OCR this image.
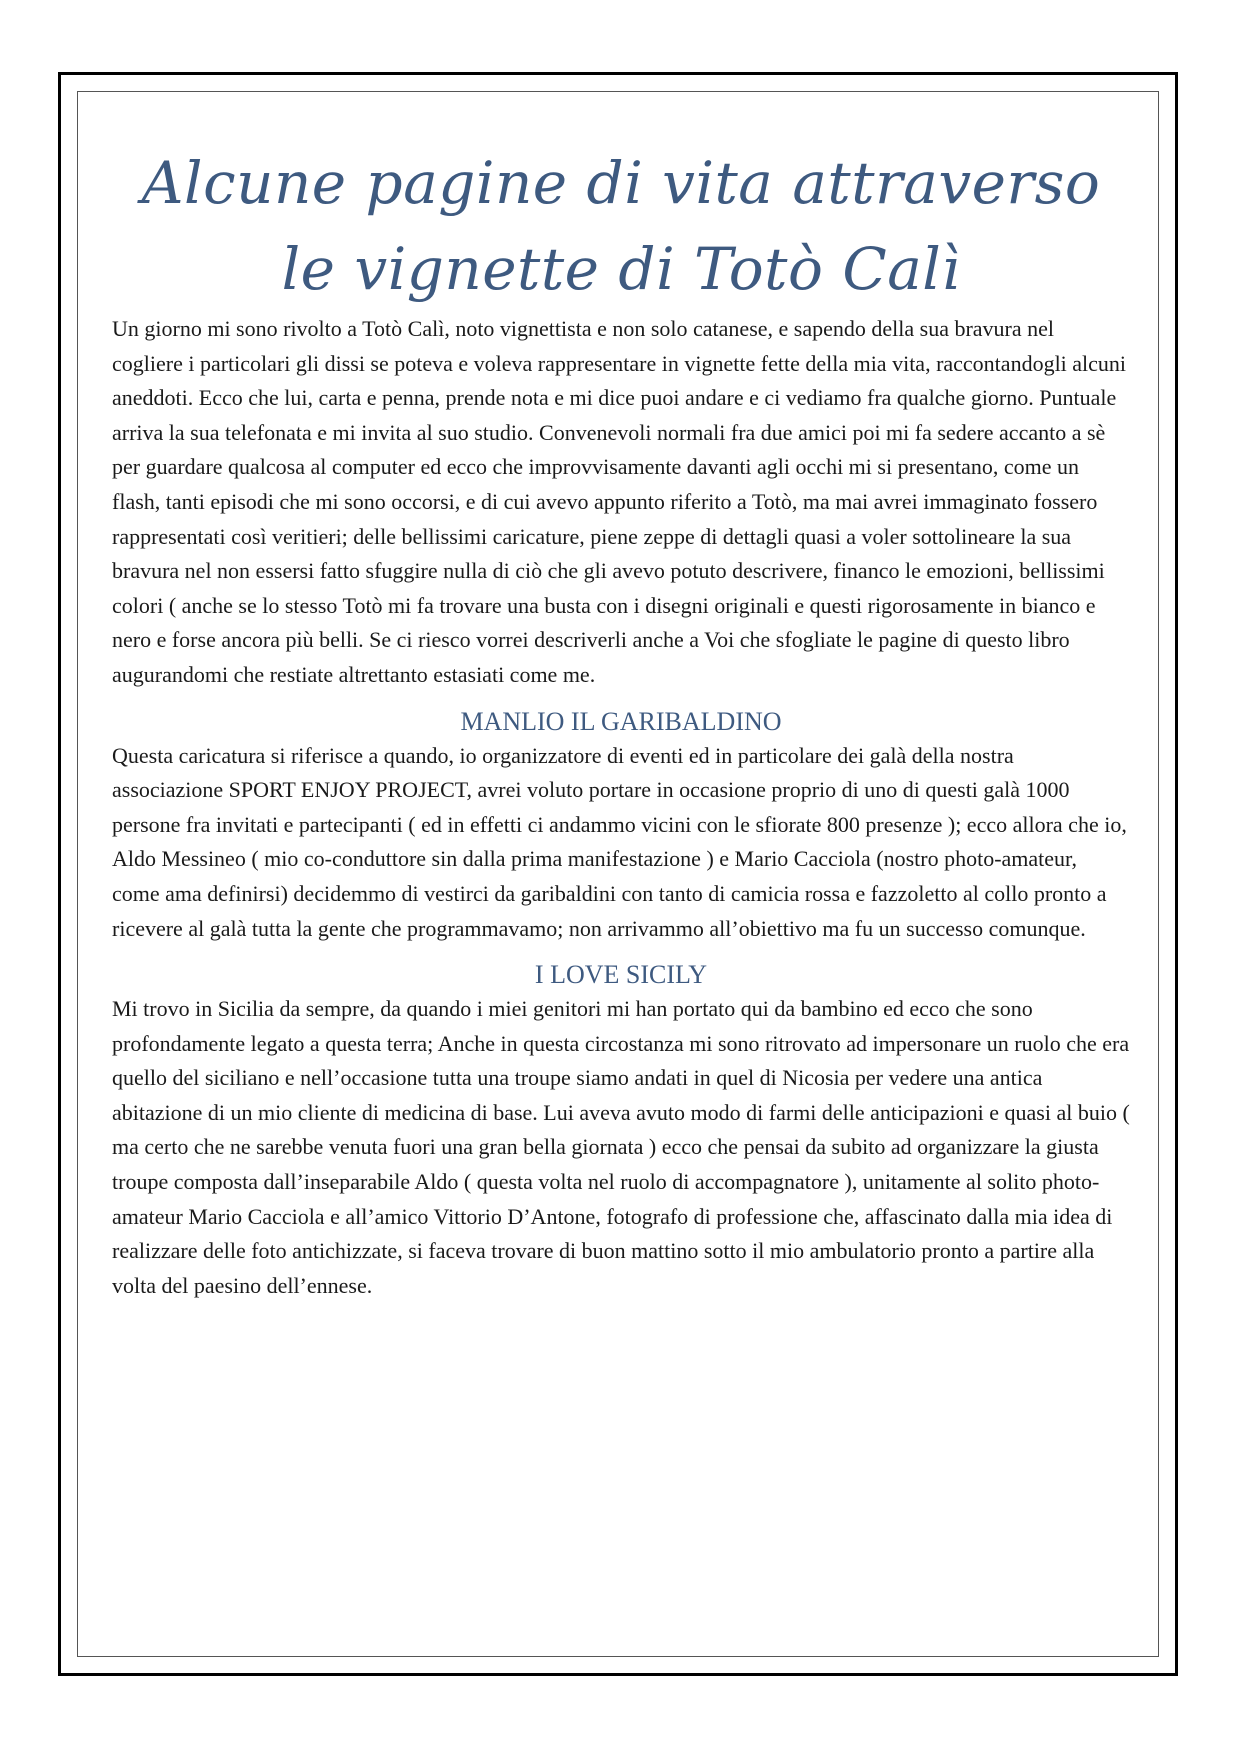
Alcune pagine di vita attraverso le vignette di Totò Calì

Un giorno mi sono rivolto a Totò Calì, noto vignettista e non solo catanese, e sapendo della sua bravura nel cogliere i particolari gli dissi se poteva e voleva rappresentare in vignette fette della mia vita, raccontandogli alcuni aneddoti. Ecco che lui, carta e penna, prende nota e mi dice puoi andare e ci vediamo fra qualche giorno. Puntuale arriva la sua telefonata e mi invita al suo studio. Convenevoli normali fra due amici poi mi fa sedere accanto a sè per guardare qualcosa al computer ed ecco che improvvisamente davanti agli occhi mi si presentano, come un flash, tanti episodi che mi sono occorsi, e di cui avevo appunto riferito a Totò, ma mai avrei immaginato fossero rappresentati così veritieri; delle bellissimi caricature, piene zeppe di dettagli quasi a voler sottolineare la sua bravura nel non essersi fatto sfuggire nulla di ciò che gli avevo potuto descrivere, financo le emozioni, bellissimi colori ( anche se lo stesso Totò mi fa trovare una busta con i disegni originali e questi rigorosamente in bianco e nero e forse ancora più belli. Se ci riesco vorrei descriverli anche a Voi che sfogliate le pagine di questo libro augurandomi che restiate altrettanto estasiati come me.

MANLIO IL GARIBALDINO

Questa caricatura si riferisce a quando, io organizzatore di eventi ed in particolare dei galà della nostra associazione SPORT ENJOY PROJECT, avrei voluto portare in occasione proprio di uno di questi galà 1000 persone fra invitati e partecipanti ( ed in effetti ci andammo vicini con le sfiorate 800 presenze ); ecco allora che io, Aldo Messineo ( mio co-conduttore sin dalla prima manifestazione ) e Mario Cacciola (nostro photo-amateur, come ama definirsi) decidemmo di vestirci da garibaldini con tanto di camicia rossa e fazzoletto al collo pronto a ricevere al galà tutta la gente che programmavamo; non arrivammo all’obiettivo ma fu un successo comunque.

I LOVE SICILY

Mi trovo in Sicilia da sempre, da quando i miei genitori mi han portato qui da bambino ed ecco che sono profondamente legato a questa terra; Anche in questa circostanza mi sono ritrovato ad impersonare un ruolo che era quello del siciliano e nell’occasione tutta una troupe siamo andati in quel di Nicosia per vedere una antica abitazione di un mio cliente di medicina di base. Lui aveva avuto modo di farmi delle anticipazioni e quasi al buio ( ma certo che ne sarebbe venuta fuori una gran bella giornata ) ecco che pensai da subito ad organizzare la giusta troupe composta dall’inseparabile Aldo ( questa volta nel ruolo di accompagnatore ), unitamente al solito photo-amateur Mario Cacciola e all’amico Vittorio D’Antone, fotografo di professione che, affascinato dalla mia idea di realizzare delle foto antichizzate, si faceva trovare di buon mattino sotto il mio ambulatorio pronto a partire alla volta del paesino dell’ennese.
